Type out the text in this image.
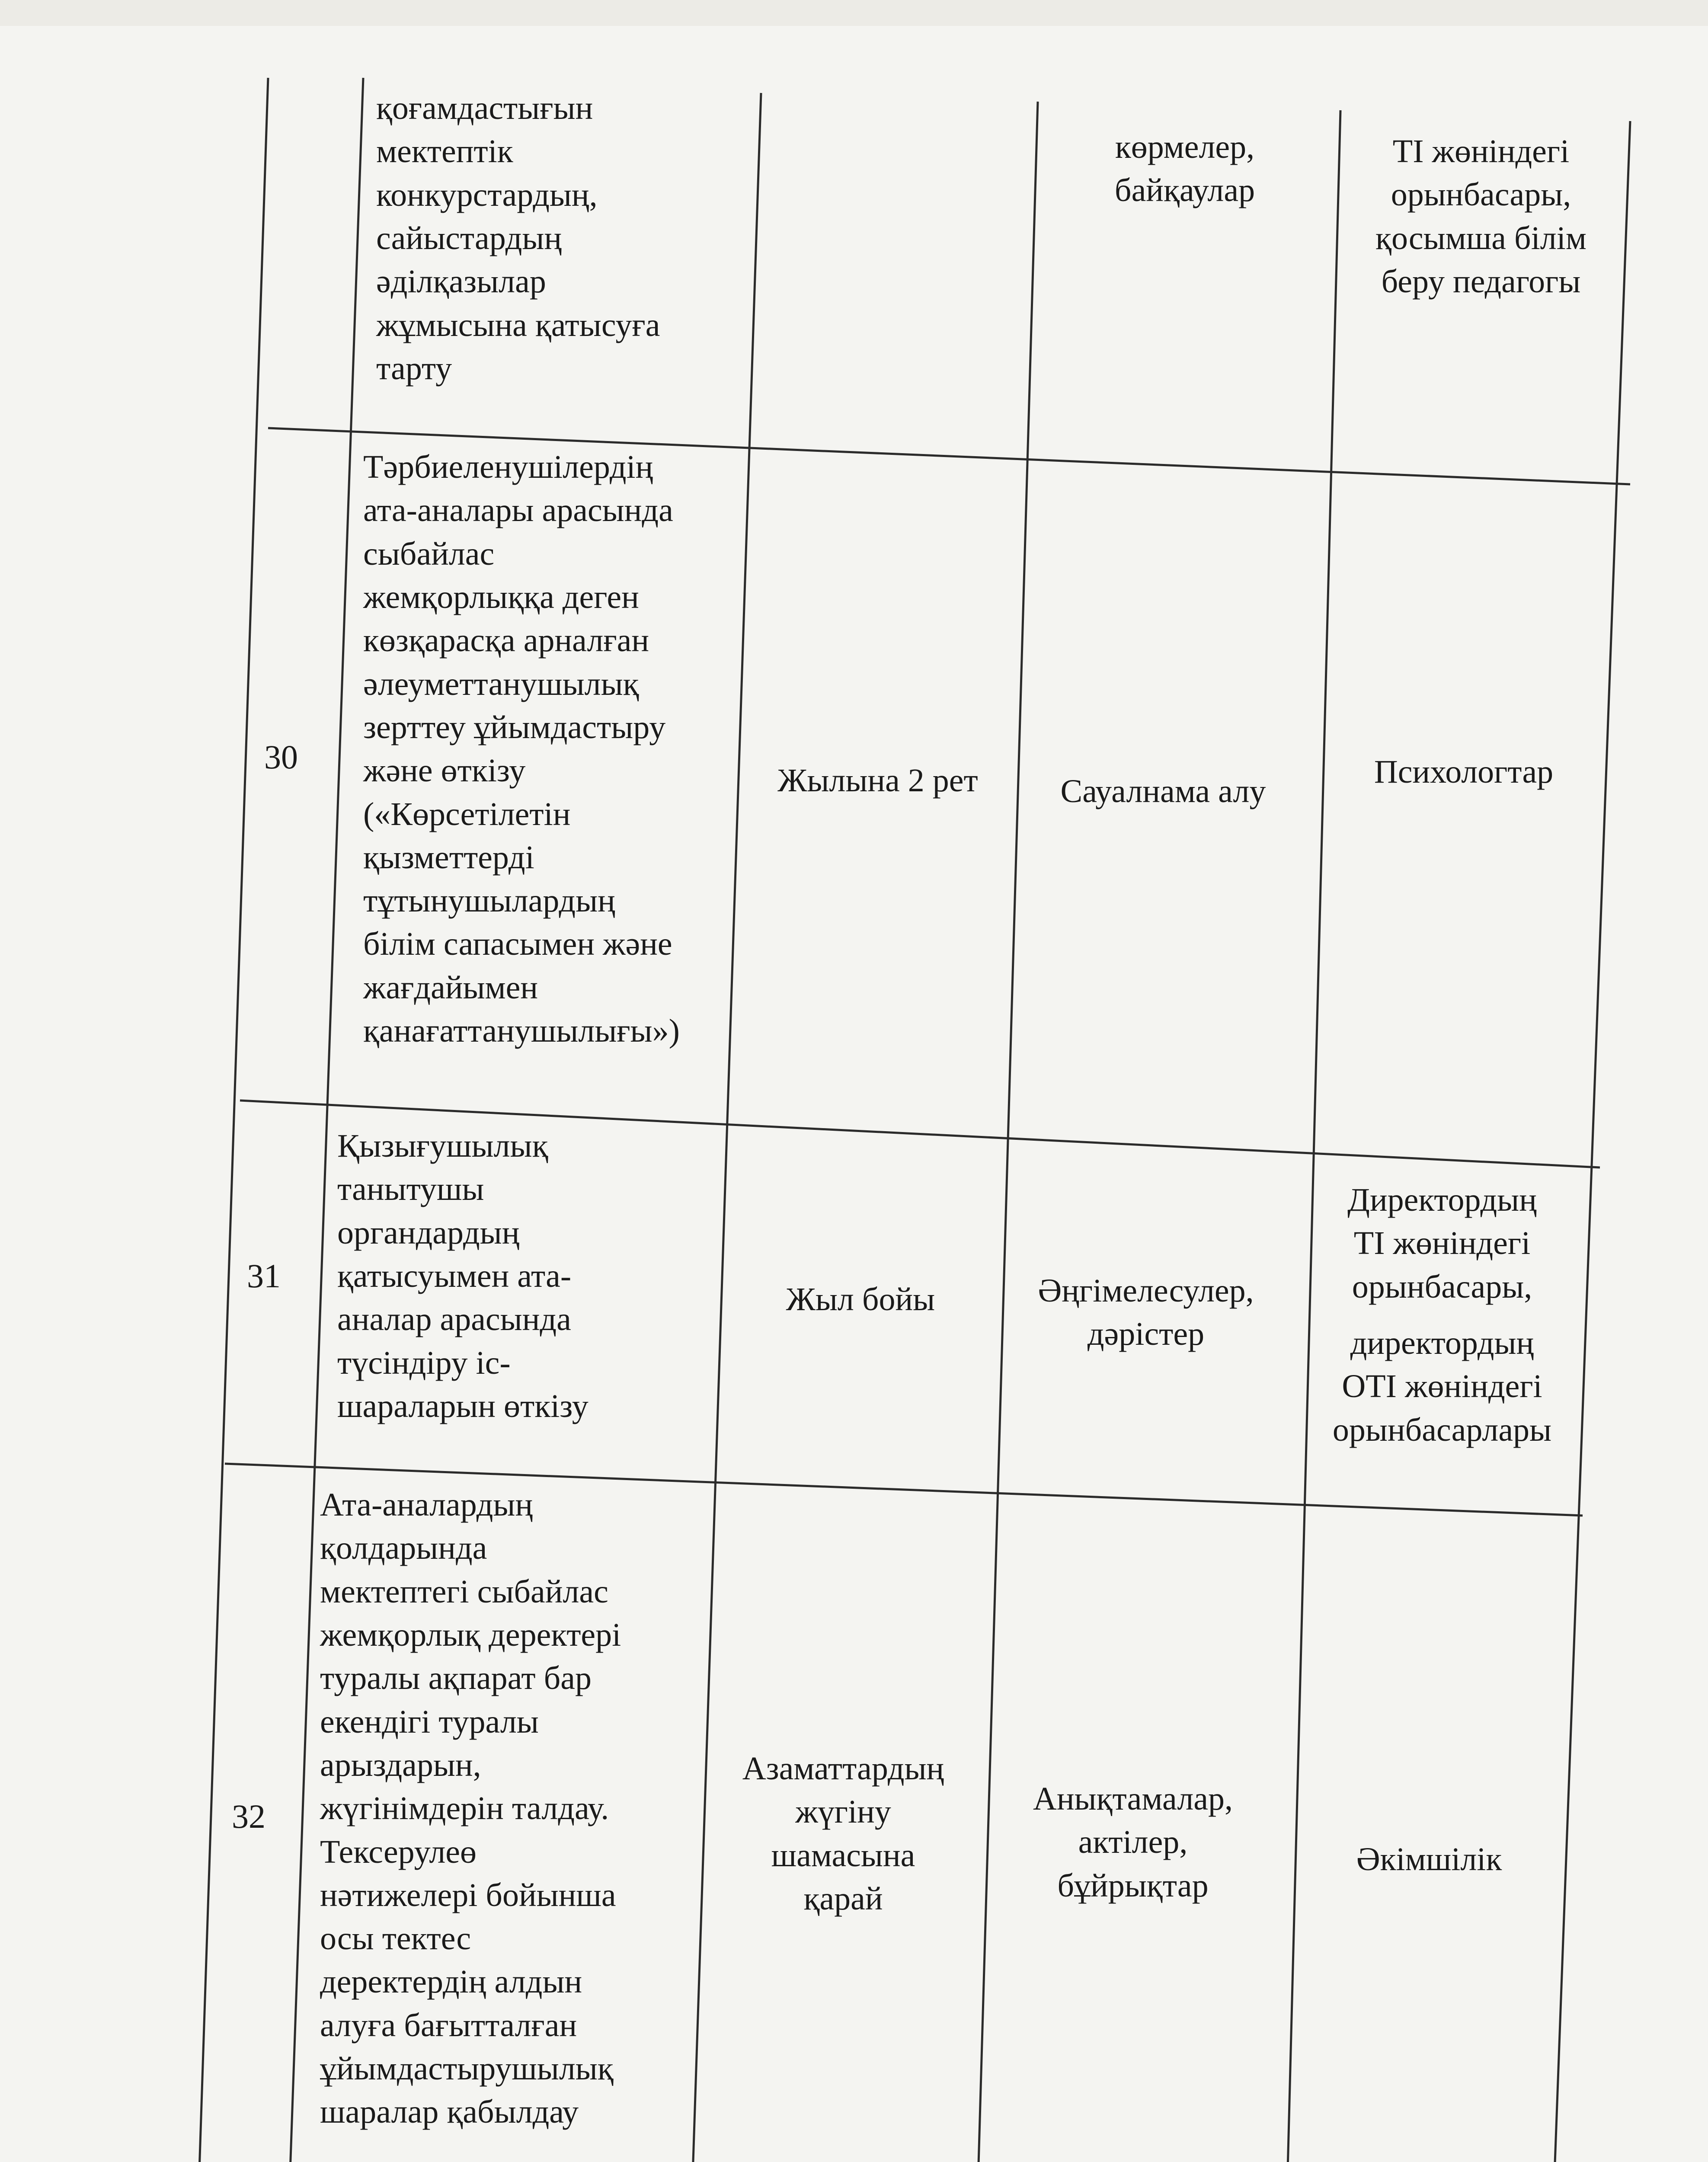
қоғамдастығын
мектептік
конкурстардың,
сайыстардың
әділқазылар
жұмысына қатысуға
тарту
көрмелер,
байқаулар
ТІ жөніндегі
орынбасары,
қосымша білім
беру педагогы
30
Тәрбиеленушілердің
ата-аналары арасында
сыбайлас
жемқорлыққа деген
көзқарасқа арналған
әлеуметтанушылық
зерттеу ұйымдастыру
және өткізу
(«Көрсетілетін
қызметтерді
тұтынушылардың
білім сапасымен және
жағдайымен
қанағаттанушылығы»)
Жылына 2 рет	Сауалнама алу
Психологтар
31
Қызығушылық
танытушы
органдардың
қатысуымен ата-
аналар арасында
түсіндіру іс-
шараларын өткізу
Жыл бойы	Әңгімелесулер,
дәрістер
Директордың
ТІ жөніндегі
орынбасары,
директордың
ОТІ жөніндегі
орынбасарлары
32
Ата-аналардың
қолдарында
мектептегі сыбайлас
жемқорлық деректері
туралы ақпарат бар
екендігі туралы
арыздарын,
жүгінімдерін талдау.
Тексерулеө
нәтижелері бойынша
осы тектес
деректердің алдын
алуға бағытталған
ұйымдастырушылық
шаралар қабылдау
Азаматтардың
жүгіну
шамасына
қарай
Анықтамалар,
актілер,
бұйрықтар
Әкімшілік
